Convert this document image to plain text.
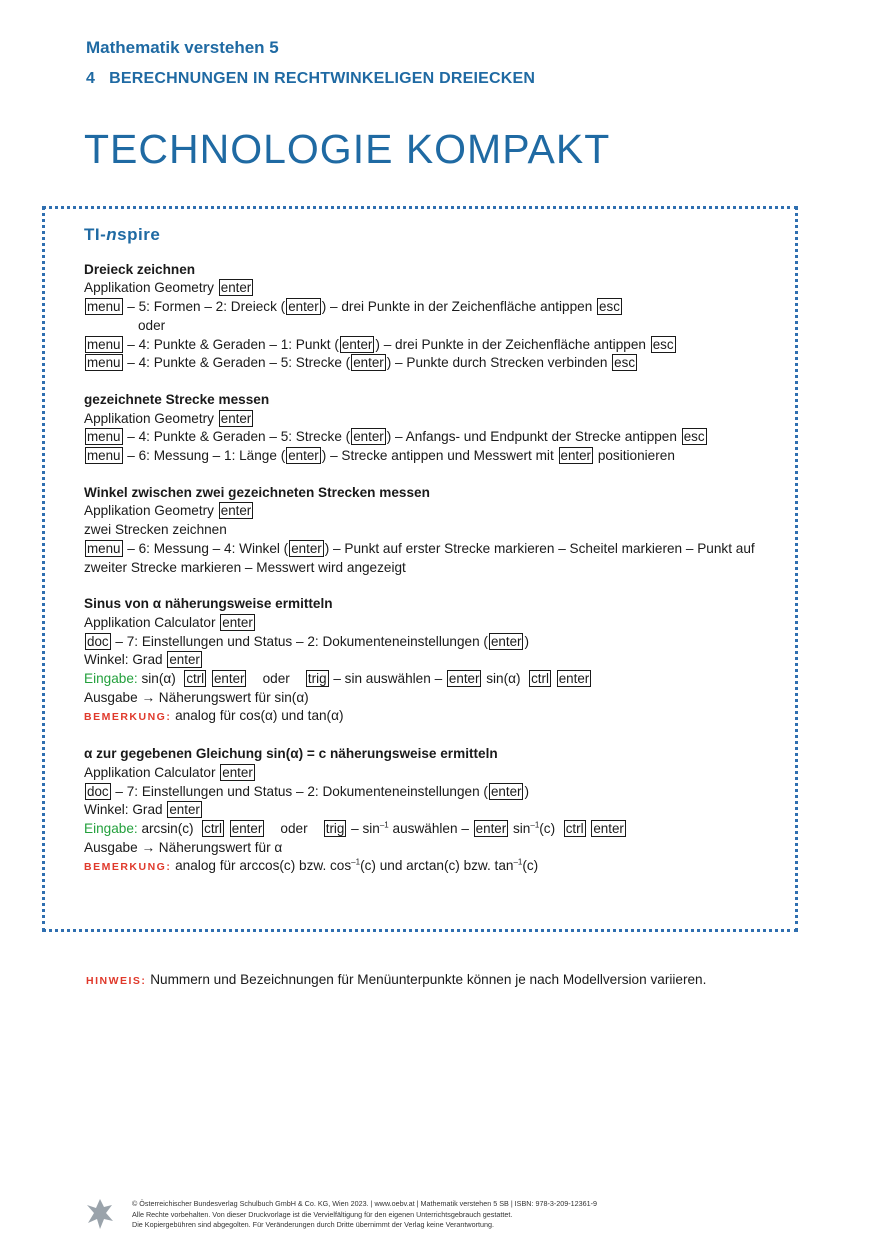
Mathematik verstehen 5
4 BERECHNUNGEN IN RECHTWINKELIGEN DREIECKEN
TECHNOLOGIE KOMPAKT
TI-nspire
Dreieck zeichnen
Applikation Geometry enter
menu – 5: Formen – 2: Dreieck ( enter ) – drei Punkte in der Zeichenfläche antippen esc
oder
menu – 4: Punkte & Geraden – 1: Punkt ( enter ) – drei Punkte in der Zeichenfläche antippen esc
menu – 4: Punkte & Geraden – 5: Strecke ( enter ) – Punkte durch Strecken verbinden esc
gezeichnete Strecke messen
Applikation Geometry enter
menu – 4: Punkte & Geraden – 5: Strecke ( enter ) – Anfangs- und Endpunkt der Strecke antippen esc
menu – 6: Messung – 1: Länge ( enter ) – Strecke antippen und Messwert mit enter positionieren
Winkel zwischen zwei gezeichneten Strecken messen
Applikation Geometry enter
zwei Strecken zeichnen
menu – 6: Messung – 4: Winkel ( enter ) – Punkt auf erster Strecke markieren – Scheitel markieren – Punkt auf zweiter Strecke markieren – Messwert wird angezeigt
Sinus von α näherungsweise ermitteln
Applikation Calculator enter
doc – 7: Einstellungen und Status – 2: Dokumenteneinstellungen ( enter )
Winkel: Grad enter
Eingabe: sin(α) ctrl enter oder trig – sin auswählen – enter sin(α) ctrl enter
Ausgabe → Näherungswert für sin(α)
BEMERKUNG: analog für cos(α) und tan(α)
α zur gegebenen Gleichung sin(α) = c näherungsweise ermitteln
Applikation Calculator enter
doc – 7: Einstellungen und Status – 2: Dokumenteneinstellungen ( enter )
Winkel: Grad enter
Eingabe: arcsin(c) ctrl enter oder trig – $\sin^{-1}$ auswählen – enter $\sin^{-1}(c)$ ctrl enter
Ausgabe → Näherungswert für α
BEMERKUNG: analog für arccos(c) bzw. $\cos^{-1}(c)$ und arctan(c) bzw. $\tan^{-1}(c)$
HINWEIS: Nummern und Bezeichnungen für Menüunterpunkte können je nach Modellversion variieren.
© Österreichischer Bundesverlag Schulbuch GmbH & Co. KG, Wien 2023. | www.oebv.at | Mathematik verstehen 5 SB | ISBN: 978-3-209-12361-9
Alle Rechte vorbehalten. Von dieser Druckvorlage ist die Vervielfältigung für den eigenen Unterrichtsgebrauch gestattet.
Die Kopiergebühren sind abgegolten. Für Veränderungen durch Dritte übernimmt der Verlag keine Verantwortung.
